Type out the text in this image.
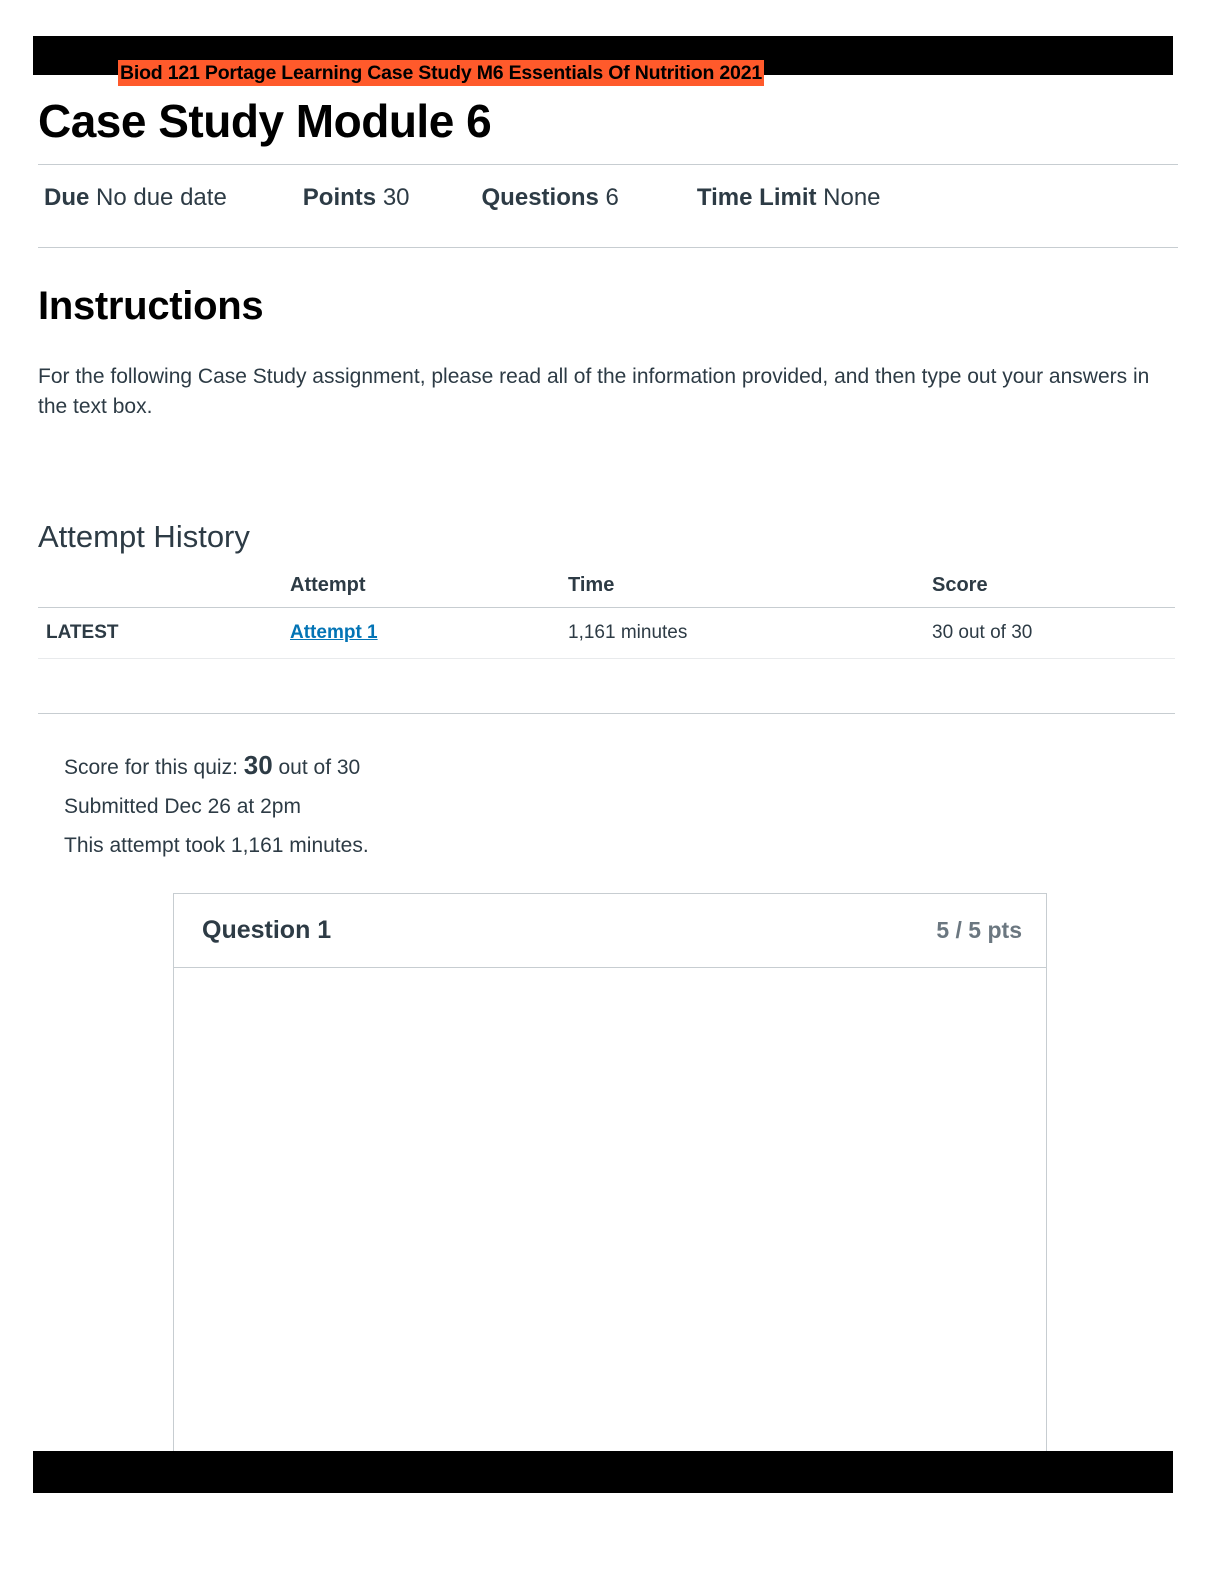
Biod 121 Portage Learning Case Study M6 Essentials Of Nutrition 2021
Case Study Module 6
Due No due date	Points 30	Questions 6	Time Limit None
Instructions

For the following Case Study assignment, please read all of the information provided, and then type out your answers in the text box.

Attempt History
	Attempt	Time	Score
LATEST	Attempt 1	1,161 minutes	30 out of 30

Score for this quiz: 30 out of 30
Submitted Dec 26 at 2pm
This attempt took 1,161 minutes.
Question 1	5 / 5 pts
